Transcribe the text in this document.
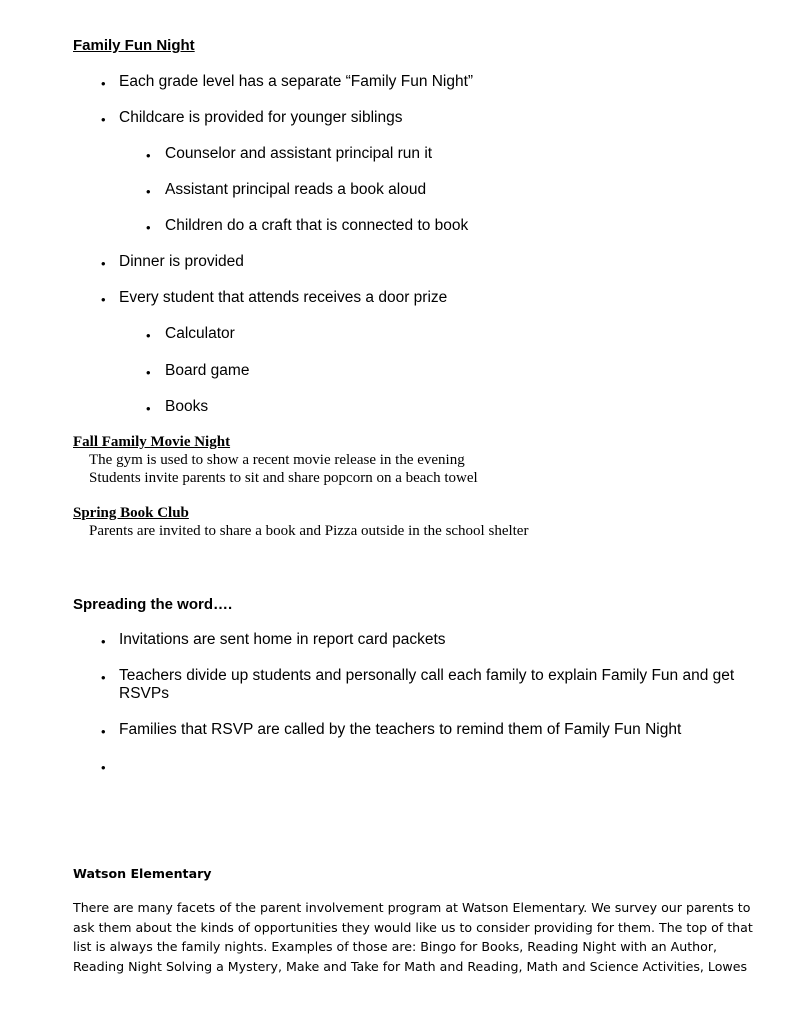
Family Fun Night
• Each grade level has a separate “Family Fun Night”
• Childcare is provided for younger siblings
• Counselor and assistant principal run it
• Assistant principal reads a book aloud
• Children do a craft that is connected to book
• Dinner is provided
• Every student that attends receives a door prize
• Calculator
• Board game
• Books
Fall Family Movie Night
The gym is used to show a recent movie release in the evening
Students invite parents to sit and share popcorn on a beach towel
Spring Book Club
Parents are invited to share a book and Pizza outside in the school shelter
Spreading the word….
• Invitations are sent home in report card packets
• Teachers divide up students and personally call each family to explain Family Fun and get
RSVPs
• Families that RSVP are called by the teachers to remind them of Family Fun Night
•
Watson Elementary
There are many facets of the parent involvement program at Watson Elementary. We survey our parents to ask them about the kinds of opportunities they would like us to consider providing for them. The top of that list is always the family nights. Examples of those are: Bingo for Books, Reading Night with an Author, Reading Night Solving a Mystery, Make and Take for Math and Reading, Math and Science Activities, Lowes
